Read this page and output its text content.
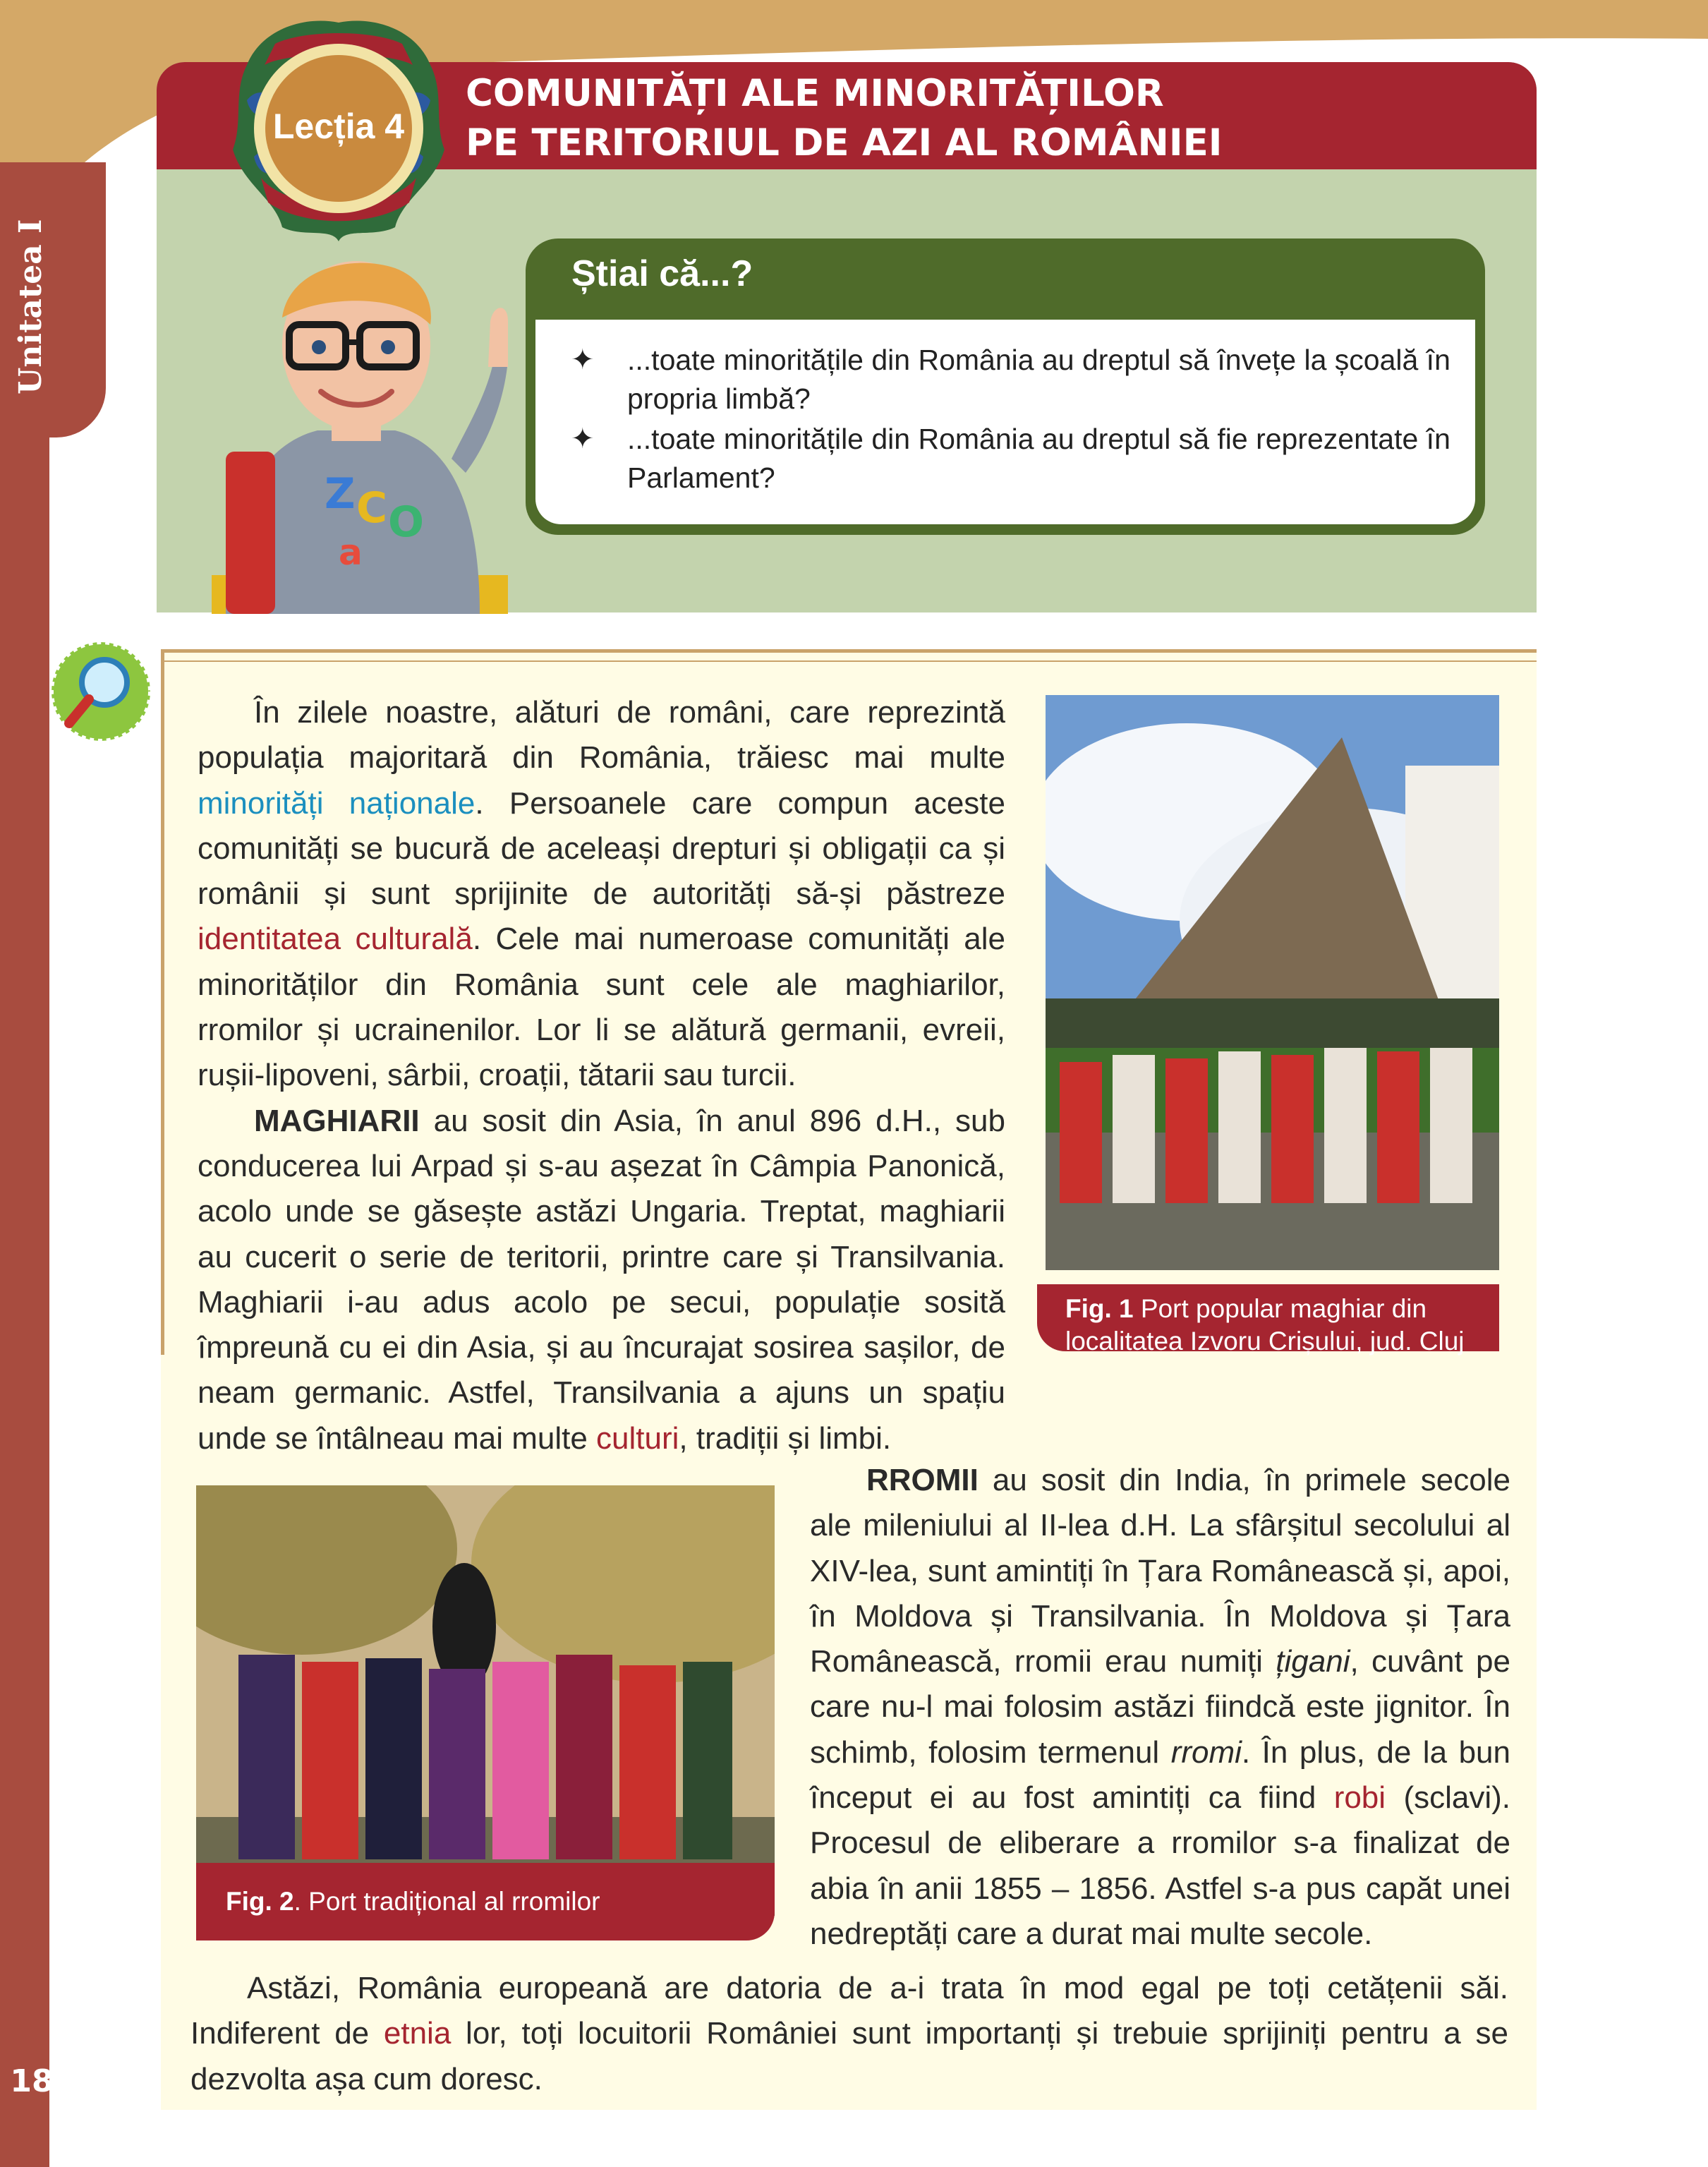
Unitatea I
18
COMUNITĂȚI ALE MINORITĂȚILOR
PE TERITORIUL DE AZI AL ROMÂNIEI
Lecția 4
Z C O
a
Știai că...?
✦ ...toate minoritățile din România au dreptul să învețe la școală în propria limbă?
✦ ...toate minoritățile din România au dreptul să fie reprezentate în Parlament?

În zilele noastre, alături de români, care reprezintă populația majoritară din România, trăiesc mai multe minorități naționale. Persoanele care compun aceste comunități se bucură de aceleași drepturi și obligații ca și românii și sunt sprijinite de autorități să-și păstreze identitatea culturală. Cele mai numeroase comunități ale minorităților din România sunt cele ale maghiarilor, rromilor și ucrainenilor. Lor li se alătură germanii, evreii, rușii-lipoveni, sârbii, croații, tătarii sau turcii.

MAGHIARII au sosit din Asia, în anul 896 d.H., sub conducerea lui Arpad și s-au așezat în Câmpia Panonică, acolo unde se găsește astăzi Ungaria. Treptat, maghiarii au cucerit o serie de teritorii, printre care și Transilvania. Maghiarii i-au adus acolo pe secui, populație sosită împreună cu ei din Asia, și au încurajat sosirea sașilor, de neam germanic. Astfel, Transilvania a ajuns un spațiu unde se întâlneau mai multe culturi, tradiții și limbi.

Fig. 1 Port popular maghiar din localitatea Izvoru Crișului, jud. Cluj
Fig. 2. Port tradițional al rromilor

RROMII au sosit din India, în primele secole ale mileniului al II-lea d.H. La sfârșitul secolului al XIV-lea, sunt amintiți în Țara Românească și, apoi, în Moldova și Transilvania. În Moldova și Țara Românească, rromii erau numiți țigani, cuvânt pe care nu-l mai folosim astăzi fiindcă este jignitor. În schimb, folosim termenul rromi. În plus, de la bun început ei au fost amintiți ca fiind robi (sclavi). Procesul de eliberare a rromilor s-a finalizat de abia în anii 1855 – 1856. Astfel s-a pus capăt unei nedreptăți care a durat mai multe secole.

Astăzi, România europeană are datoria de a-i trata în mod egal pe toți cetățenii săi. Indiferent de etnia lor, toți locuitorii României sunt importanți și trebuie sprijiniți pentru a se dezvolta așa cum doresc.
